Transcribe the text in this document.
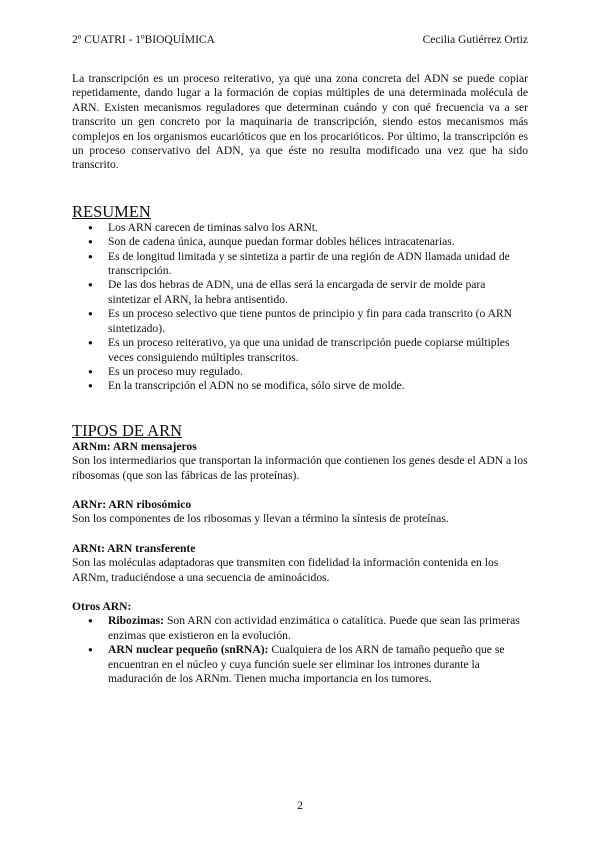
2º CUATRI - 1ºBIOQUÍMICA	Cecilia Gutiérrez Ortiz

La transcripción es un proceso reiterativo, ya que una zona concreta del ADN se puede copiar repetidamente, dando lugar a la formación de copias múltiples de una determinada molécula de ARN. Existen mecanismos reguladores que determinan cuándo y con qué frecuencia va a ser transcrito un gen concreto por la maquinaria de transcripción, siendo estos mecanismos más complejos en los organismos eucarióticos que en los procarióticos. Por último, la transcripción es un proceso conservativo del ADN, ya que éste no resulta modificado una vez que ha sido transcrito.

RESUMEN
● Los ARN carecen de timinas salvo los ARNt.
● Son de cadena única, aunque puedan formar dobles hélices intracatenarias.
● Es de longitud limitada y se sintetiza a partir de una región de ADN llamada unidad de transcripción.
● De las dos hebras de ADN, una de ellas será la encargada de servir de molde para sintetizar el ARN, la hebra antisentido.
● Es un proceso selectivo que tiene puntos de principio y fin para cada transcrito (o ARN sintetizado).
● Es un proceso reiterativo, ya que una unidad de transcripción puede copiarse múltiples veces consiguiendo múltiples transcritos.
● Es un proceso muy regulado.
● En la transcripción el ADN no se modifica, sólo sirve de molde.
TIPOS DE ARN

ARNm: ARN mensajeros

Son los intermediarios que transportan la información que contienen los genes desde el ADN a los ribosomas (que son las fábricas de las proteínas).

ARNr: ARN ribosómico

Son los componentes de los ribosomas y llevan a término la síntesis de proteínas.

ARNt: ARN transferente

Son las moléculas adaptadoras que transmiten con fidelidad la información contenida en los ARNm, traduciéndose a una secuencia de aminoácidos.

Otros ARN:

● Ribozimas: Son ARN con actividad enzimática o catalítica. Puede que sean las primeras enzimas que existieron en la evolución.
● ARN nuclear pequeño (snRNA): Cualquiera de los ARN de tamaño pequeño que se encuentran en el núcleo y cuya función suele ser eliminar los intrones durante la maduración de los ARNm. Tienen mucha importancia en los tumores.
2
